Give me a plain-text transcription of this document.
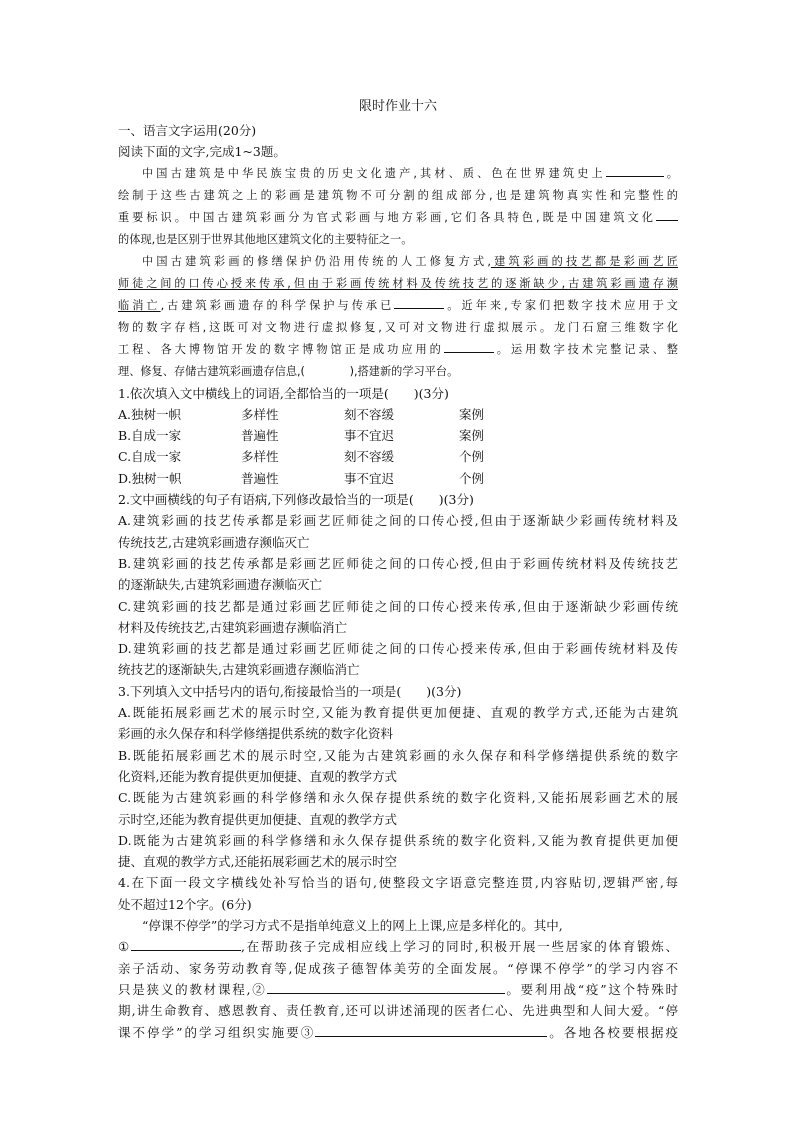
限时作业十六

一、语言文字运用(20分)

阅读下面的文字,完成1~3题。

中国古建筑是中华民族宝贵的历史文化遗产,其材、质、色在世界建筑史上	。

绘制于这些古建筑之上的彩画是建筑物不可分割的组成部分,也是建筑物真实性和完整性的

重要标识。中国古建筑彩画分为官式彩画与地方彩画,它们各具特色,既是中国建筑文化

的体现,也是区别于世界其他地区建筑文化的主要特征之一。

中国古建筑彩画的修缮保护仍沿用传统的人工修复方式,建筑彩画的技艺都是彩画艺匠

师徒之间的口传心授来传承,但由于彩画传统材料及传统技艺的逐渐缺少,古建筑彩画遗存濒

临消亡,古建筑彩画遗存的科学保护与传承已	。近年来,专家们把数字技术应用于文

物的数字存档,这既可对文物进行虚拟修复,又可对文物进行虚拟展示。龙门石窟三维数字化

工程、各大博物馆开发的数字博物馆正是成功应用的	。运用数字技术完整记录、整

理、修复、存储古建筑彩画遗存信息,(　　　　),搭建新的学习平台。

1.依次填入文中横线上的词语,全都恰当的一项是(　　)(3分)

A.独树一帜	多样性	刻不容缓	案例
B.自成一家	普遍性	事不宜迟	案例
C.自成一家	多样性	刻不容缓	个例
D.独树一帜	普遍性	事不宜迟	个例

2.文中画横线的句子有语病,下列修改最恰当的一项是(　　)(3分)

A.建筑彩画的技艺传承都是彩画艺匠师徒之间的口传心授,但由于逐渐缺少彩画传统材料及

传统技艺,古建筑彩画遗存濒临灭亡

B.建筑彩画的技艺传承都是彩画艺匠师徒之间的口传心授,但由于彩画传统材料及传统技艺

的逐渐缺失,古建筑彩画遗存濒临灭亡

C.建筑彩画的技艺都是通过彩画艺匠师徒之间的口传心授来传承,但由于逐渐缺少彩画传统

材料及传统技艺,古建筑彩画遗存濒临消亡

D.建筑彩画的技艺都是通过彩画艺匠师徒之间的口传心授来传承,但由于彩画传统材料及传

统技艺的逐渐缺失,古建筑彩画遗存濒临消亡

3.下列填入文中括号内的语句,衔接最恰当的一项是(　　)(3分)

A.既能拓展彩画艺术的展示时空,又能为教育提供更加便捷、直观的教学方式,还能为古建筑

彩画的永久保存和科学修缮提供系统的数字化资料

B.既能拓展彩画艺术的展示时空,又能为古建筑彩画的永久保存和科学修缮提供系统的数字

化资料,还能为教育提供更加便捷、直观的教学方式

C.既能为古建筑彩画的科学修缮和永久保存提供系统的数字化资料,又能拓展彩画艺术的展

示时空,还能为教育提供更加便捷、直观的教学方式

D.既能为古建筑彩画的科学修缮和永久保存提供系统的数字化资料,又能为教育提供更加便

捷、直观的教学方式,还能拓展彩画艺术的展示时空

4.在下面一段文字横线处补写恰当的语句,使整段文字语意完整连贯,内容贴切,逻辑严密,每

处不超过12个字。(6分)

“停课不停学”的学习方式不是指单纯意义上的网上上课,应是多样化的。其中,

①	,在帮助孩子完成相应线上学习的同时,积极开展一些居家的体育锻炼、

亲子活动、家务劳动教育等,促成孩子德智体美劳的全面发展。“停课不停学”的学习内容不

只是狭义的教材课程,②	。要利用战“疫”这个特殊时

期,讲生命教育、感恩教育、责任教育,还可以讲述涌现的医者仁心、先进典型和人间大爱。“停

课不停学”的学习组织实施要③	。各地各校要根据疫
